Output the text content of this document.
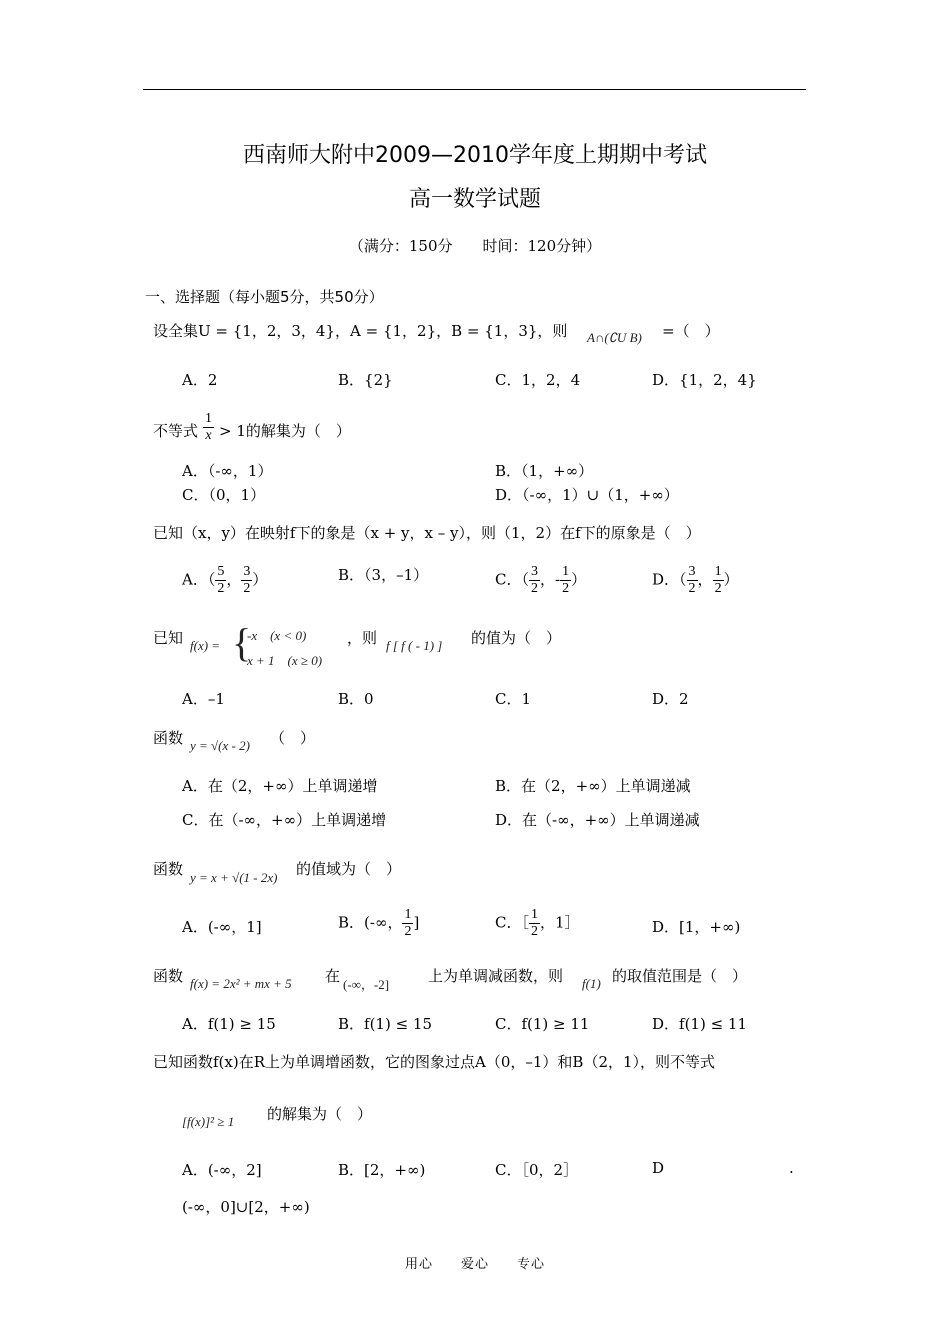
西南师大附中2009—2010学年度上期期中考试
高一数学试题
（满分：150分　　时间：120分钟）
一、选择题（每小题5分，共50分）
设全集U = {1，2，3，4}，A = {1，2}，B = {1，3}，则 A∩(∁U B) =（　）
A．2	B．{2}	C．1，2，4	D．{1，2，4}
不等式 $\frac{1}{x} > 1$的解集为（　）
A．（-∞，1）	B．（1，+∞）
C．（0，1）	D．（-∞，1）∪（1，+∞）
已知（x，y）在映射f下的象是（x + y，x – y），则（1，2）在f下的原象是（　）
A．（ $\frac{5}{2}$ ， $\frac{3}{2}$ ）	B．（3，–1）	C．（ $\frac{3}{2}$ ，- $\frac{1}{2}$ ）	D．（ $\frac{3}{2}$ ， $\frac{1}{2}$ ）
已知 f(x) = {
-x　(x < 0)
x + 1　(x ≥ 0)
，则 f [ f ( - 1) ] 的值为（　）
A．–1	B．0	C．1	D．2
函数 y = √(x - 2) （　）
A．在（2，+∞）上单调递增	B．在（2，+∞）上单调递减
C．在（-∞，+∞）上单调递增	D．在（-∞，+∞）上单调递减
函数 y = x + √(1 - 2x) 的值域为（　）
A．(-∞，1]	B．(-∞， $\frac{1}{2}$ ]	C．［ $\frac{1}{2}$ ，1］	D．[1，+∞)
函数 f(x) = 2x² + mx + 5 在 (-∞，-2]	上为单调减函数，则 f(1) 的取值范围是（　）
A．f(1) ≥ 15	B．f(1) ≤ 15	C．f(1) ≥ 11	D．f(1) ≤ 11
已知函数f(x)在R上为单调增函数，它的图象过点A（0，–1）和B（2，1），则不等式
[f(x)]² ≥ 1 的解集为（　）
A．(-∞，2]	B．[2，+∞)	C．［0，2］	D	.
(-∞，0]∪[2，+∞)
用心　　爱心　　专心
